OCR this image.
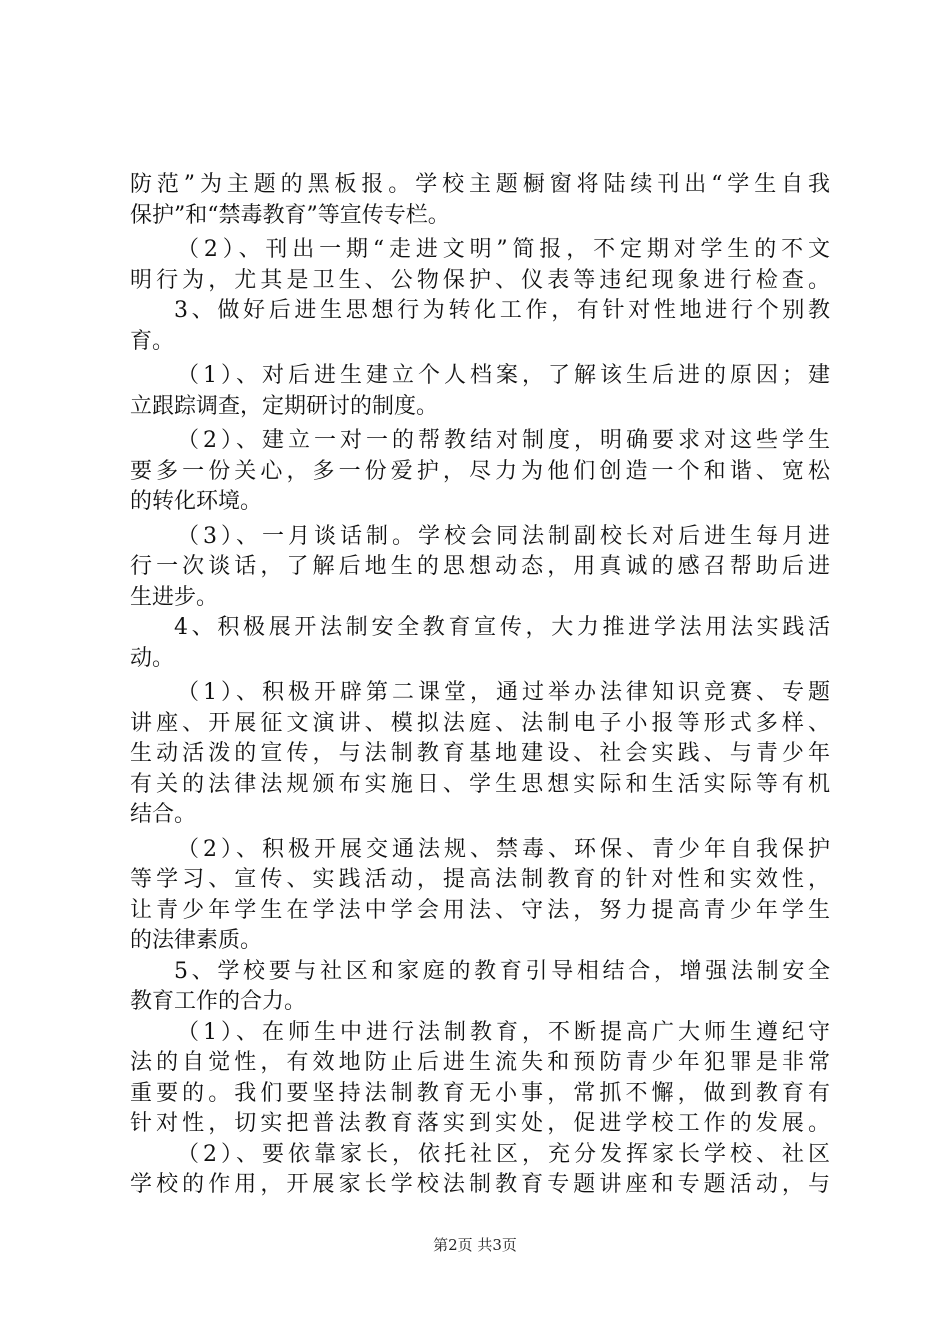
防范”为主题的黑板报。学校主题橱窗将陆续刊出“学生自我
保护”和“禁毒教育”等宣传专栏。
（2）、刊出一期“走进文明”简报，不定期对学生的不文
明行为，尤其是卫生、公物保护、仪表等违纪现象进行检查。
3、做好后进生思想行为转化工作，有针对性地进行个别教
育。
（1）、对后进生建立个人档案，了解该生后进的原因；建
立跟踪调查，定期研讨的制度。
（2）、建立一对一的帮教结对制度，明确要求对这些学生
要多一份关心，多一份爱护，尽力为他们创造一个和谐、宽松
的转化环境。
（3）、一月谈话制。学校会同法制副校长对后进生每月进
行一次谈话，了解后地生的思想动态，用真诚的感召帮助后进
生进步。
4、积极展开法制安全教育宣传，大力推进学法用法实践活
动。
（1）、积极开辟第二课堂，通过举办法律知识竞赛、专题
讲座、开展征文演讲、模拟法庭、法制电子小报等形式多样、
生动活泼的宣传，与法制教育基地建设、社会实践、与青少年
有关的法律法规颁布实施日、学生思想实际和生活实际等有机
结合。
（2）、积极开展交通法规、禁毒、环保、青少年自我保护
等学习、宣传、实践活动，提高法制教育的针对性和实效性，
让青少年学生在学法中学会用法、守法，努力提高青少年学生
的法律素质。
5、学校要与社区和家庭的教育引导相结合，增强法制安全
教育工作的合力。
（1）、在师生中进行法制教育，不断提高广大师生遵纪守
法的自觉性，有效地防止后进生流失和预防青少年犯罪是非常
重要的。我们要坚持法制教育无小事，常抓不懈，做到教育有
针对性，切实把普法教育落实到实处，促进学校工作的发展。
（2）、要依靠家长，依托社区，充分发挥家长学校、社区
学校的作用，开展家长学校法制教育专题讲座和专题活动，与
第2页 共3页
